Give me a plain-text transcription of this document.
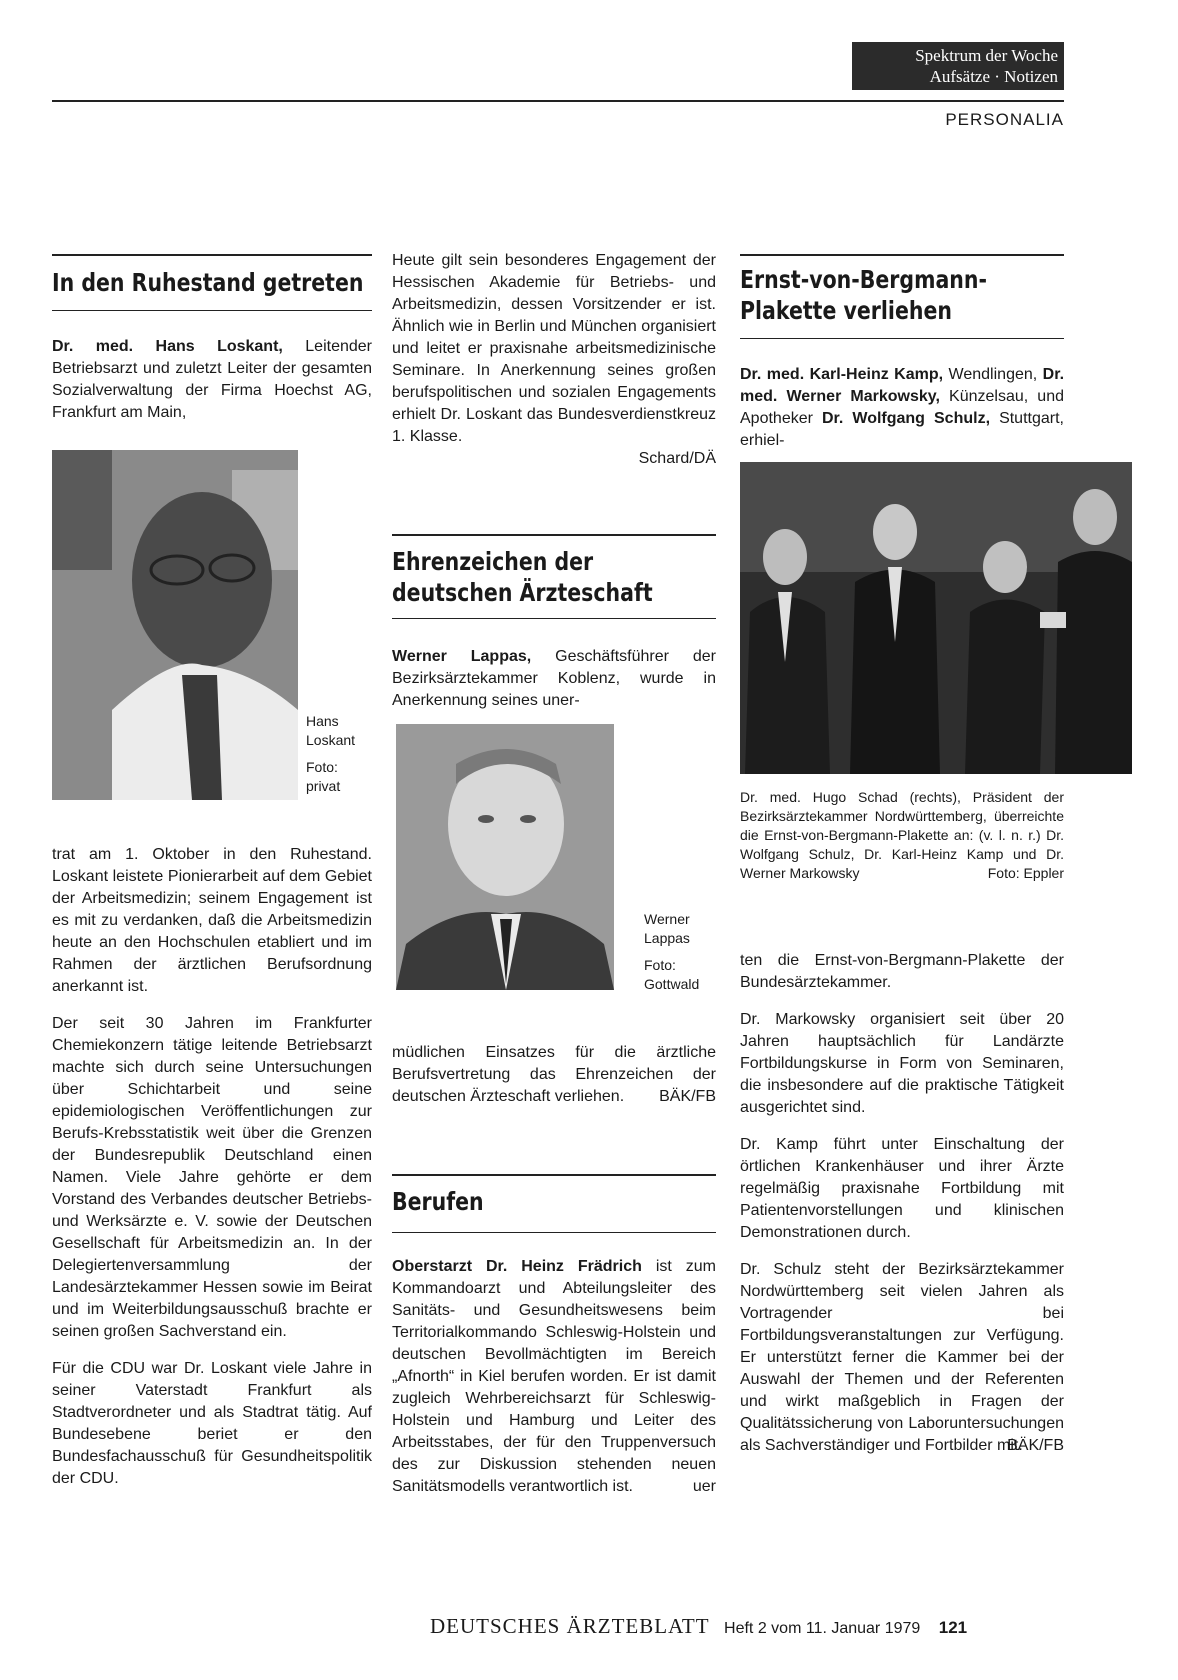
Spektrum der Woche
Aufsätze · Notizen
PERSONALIA
In den Ruhestand getreten

Dr. med. Hans Loskant, Leitender Betriebsarzt und zuletzt Leiter der gesamten Sozialverwaltung der Firma Hoechst AG, Frankfurt am Main,

Hans
Loskant
Foto:
privat

trat am 1. Oktober in den Ruhestand. Loskant leistete Pionierarbeit auf dem Gebiet der Arbeitsmedizin; seinem Engagement ist es mit zu verdanken, daß die Arbeitsmedizin heute an den Hochschulen etabliert und im Rahmen der ärztlichen Berufsordnung anerkannt ist.

Der seit 30 Jahren im Frankfurter Chemiekonzern tätige leitende Betriebsarzt machte sich durch seine Untersuchungen über Schichtarbeit und seine epidemiologischen Veröffentlichungen zur Berufs-Krebsstatistik weit über die Grenzen der Bundesrepublik Deutschland einen Namen. Viele Jahre gehörte er dem Vorstand des Verbandes deutscher Betriebs- und Werksärzte e. V. sowie der Deutschen Gesellschaft für Arbeitsmedizin an. In der Delegiertenversammlung der Landesärztekammer Hessen sowie im Beirat und im Weiterbildungsausschuß brachte er seinen großen Sachverstand ein.

Für die CDU war Dr. Loskant viele Jahre in seiner Vaterstadt Frankfurt als Stadtverordneter und als Stadtrat tätig. Auf Bundesebene beriet er den Bundesfachausschuß für Gesundheitspolitik der CDU.

Heute gilt sein besonderes Engagement der Hessischen Akademie für Betriebs- und Arbeitsmedizin, dessen Vorsitzender er ist. Ähnlich wie in Berlin und München organisiert und leitet er praxisnahe arbeitsmedizinische Seminare. In Anerkennung seines großen berufspolitischen und sozialen Engagements erhielt Dr. Loskant das Bundesverdienstkreuz 1. Klasse.

Schard/DÄ
Ehrenzeichen der
deutschen Ärzteschaft

Werner Lappas, Geschäftsführer der Bezirksärztekammer Koblenz, wurde in Anerkennung seines uner-

Werner
Lappas
Foto:
Gottwald

müdlichen Einsatzes für die ärztliche Berufsvertretung das Ehrenzeichen der deutschen Ärzteschaft verliehen.	BÄK/FB
Berufen

Oberstarzt Dr. Heinz Frädrich ist zum Kommandoarzt und Abteilungsleiter des Sanitäts- und Gesundheitswesens beim Territorialkommando Schleswig-Holstein und deutschen Bevollmächtigten im Bereich „Afnorth“ in Kiel berufen worden. Er ist damit zugleich Wehrbereichsarzt für Schleswig-Holstein und Hamburg und Leiter des Arbeitsstabes, der für den Truppenversuch des zur Diskussion stehenden neuen Sanitätsmodells verantwortlich ist.	uer
Ernst-von-Bergmann-
Plakette verliehen

Dr. med. Karl-Heinz Kamp, Wendlingen, Dr. med. Werner Markowsky, Künzelsau, und Apotheker Dr. Wolfgang Schulz, Stuttgart, erhiel-

Dr. med. Hugo Schad (rechts), Präsident der Bezirksärztekammer Nordwürttemberg, überreichte die Ernst-von-Bergmann-Plakette an: (v. l. n. r.) Dr. Wolfgang Schulz, Dr. Karl-Heinz Kamp und Dr. Werner Markowsky	Foto: Eppler

ten die Ernst-von-Bergmann-Plakette der Bundesärztekammer.

Dr. Markowsky organisiert seit über 20 Jahren hauptsächlich für Landärzte Fortbildungskurse in Form von Seminaren, die insbesondere auf die praktische Tätigkeit ausgerichtet sind.

Dr. Kamp führt unter Einschaltung der örtlichen Krankenhäuser und ihrer Ärzte regelmäßig praxisnahe Fortbildung mit Patientenvorstellungen und klinischen Demonstrationen durch.

Dr. Schulz steht der Bezirksärztekammer Nordwürttemberg seit vielen Jahren als Vortragender bei Fortbildungsveranstaltungen zur Verfügung. Er unterstützt ferner die Kammer bei der Auswahl der Themen und der Referenten und wirkt maßgeblich in Fragen der Qualitätssicherung von Laboruntersuchungen als Sachverständiger und Fortbilder mit.

BÄK/FB
DEUTSCHES ÄRZTEBLATT Heft 2 vom 11. Januar 1979 121
